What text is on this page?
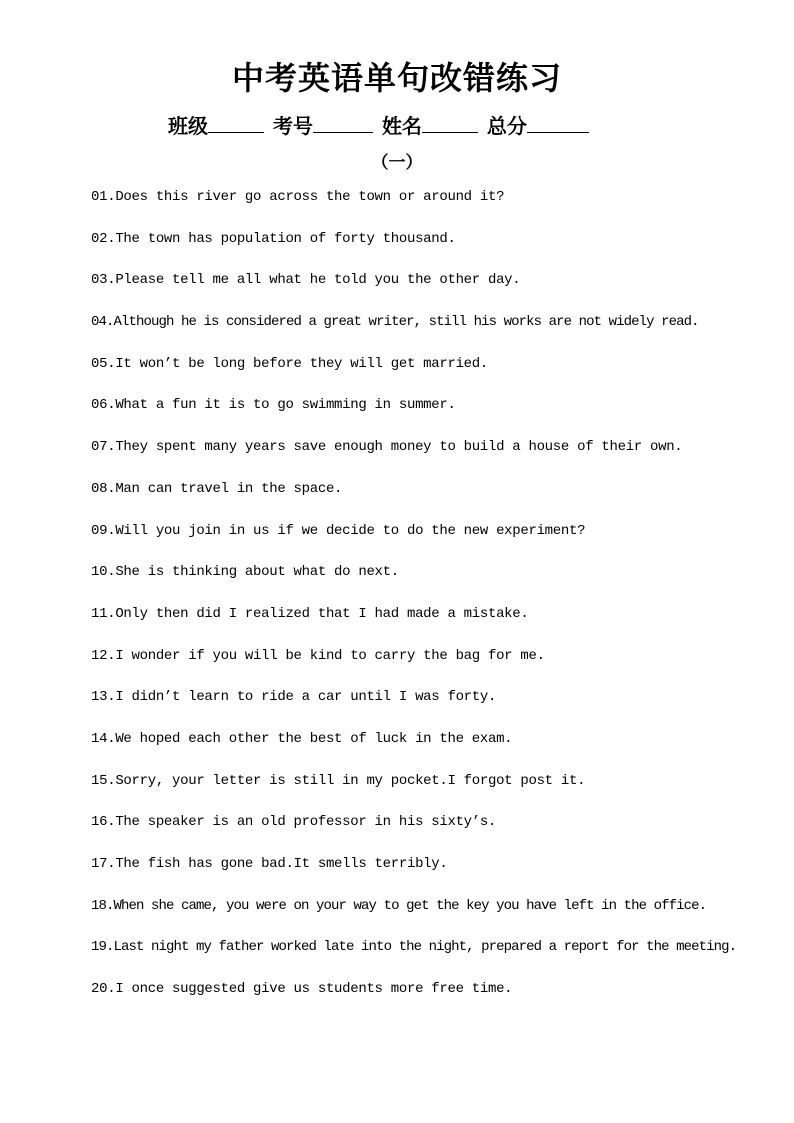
中考英语单句改错练习
班级	考号	姓名	总分
（一）
01.Does this river go across the town or around it?
02.The town has population of forty thousand.
03.Please tell me all what he told you the other day.
04.Although he is considered a great writer, still his works are not widely read.
05.It won’t be long before they will get married.
06.What a fun it is to go swimming in summer.
07.They spent many years save enough money to build a house of their own.
08.Man can travel in the space.
09.Will you join in us if we decide to do the new experiment?
10.She is thinking about what do next.
11.Only then did I realized that I had made a mistake.
12.I wonder if you will be kind to carry the bag for me.
13.I didn’t learn to ride a car until I was forty.
14.We hoped each other the best of luck in the exam.
15.Sorry, your letter is still in my pocket.I forgot post it.
16.The speaker is an old professor in his sixty’s.
17.The fish has gone bad.It smells terribly.
18.When she came, you were on your way to get the key you have left in the office.
19.Last night my father worked late into the night, prepared a report for the meeting.
20.I once suggested give us students more free time.
